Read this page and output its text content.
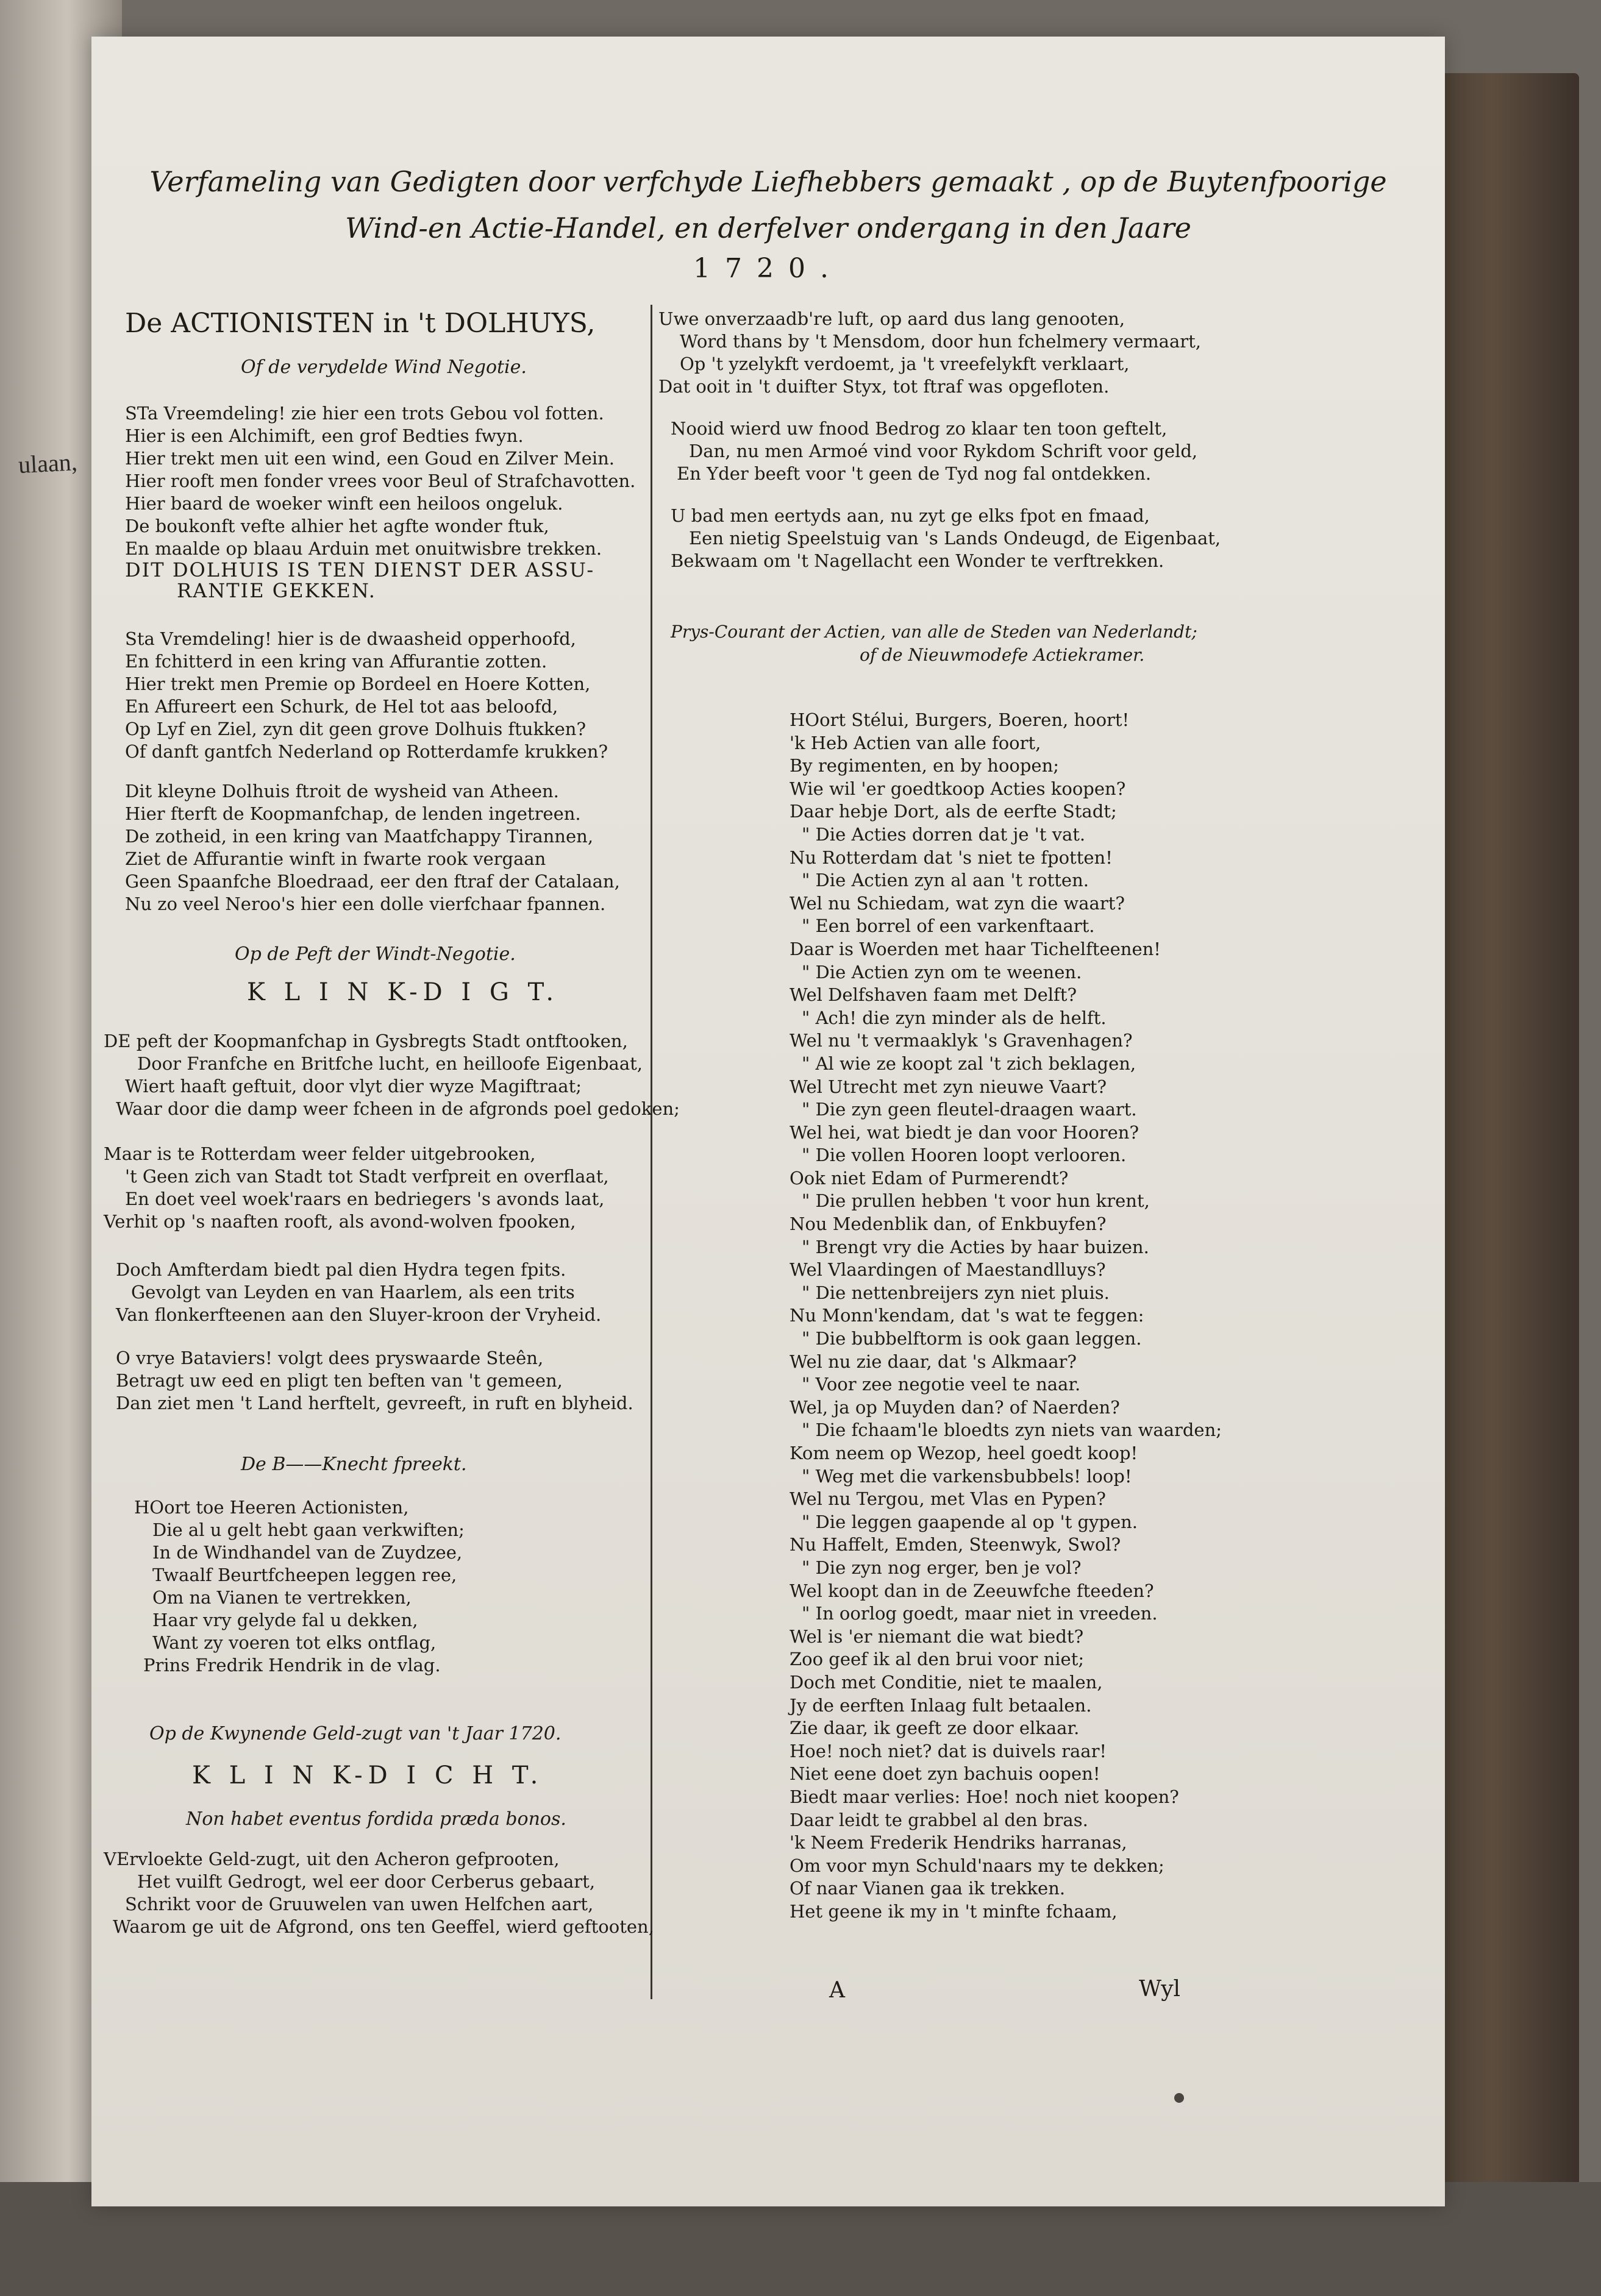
ulaan,
Verfameling van Gedigten door verfchyde Liefhebbers gemaakt , op de Buytenfpoorige Wind-en Actie-Handel, en derfelver ondergang in den Jaare
1720.
De ACTIONISTEN in 't DOLHUYS,
Of de verydelde Wind Negotie.
STa Vreemdeling! zie hier een trots Gebou vol fotten.
Hier is een Alchimift, een grof Bedties fwyn.
Hier trekt men uit een wind, een Goud en Zilver Mein.
Hier rooft men fonder vrees voor Beul of Strafchavotten.
Hier baard de woeker winft een heiloos ongeluk.
De boukonft vefte alhier het agfte wonder ftuk,
En maalde op blaau Arduin met onuitwisbre trekken.
DIT DOLHUIS IS TEN DIENST DER ASSU-
RANTIE GEKKEN.
Sta Vremdeling! hier is de dwaasheid opperhoofd,
En fchitterd in een kring van Affurantie zotten.
Hier trekt men Premie op Bordeel en Hoere Kotten,
En Affureert een Schurk, de Hel tot aas beloofd,
Op Lyf en Ziel, zyn dit geen grove Dolhuis ftukken?
Of danft gantfch Nederland op Rotterdamfe krukken?
Dit kleyne Dolhuis ftroit de wysheid van Atheen.
Hier fterft de Koopmanfchap, de lenden ingetreen.
De zotheid, in een kring van Maatfchappy Tirannen,
Ziet de Affurantie winft in fwarte rook vergaan
Geen Spaanfche Bloedraad, eer den ftraf der Catalaan,
Nu zo veel Neroo's hier een dolle vierfchaar fpannen.
Op de Peft der Windt-Negotie.
K L I N K-D I G T.
DE peft der Koopmanfchap in Gysbregts Stadt ontftooken,
Door Franfche en Britfche lucht, en heilloofe Eigenbaat,
Wiert haaft geftuit, door vlyt dier wyze Magiftraat;
Waar door die damp weer fcheen in de afgronds poel gedoken;
Maar is te Rotterdam weer felder uitgebrooken,
't Geen zich van Stadt tot Stadt verfpreit en overflaat,
En doet veel woek'raars en bedriegers 's avonds laat,
Verhit op 's naaften rooft, als avond-wolven fpooken,
Doch Amfterdam biedt pal dien Hydra tegen fpits.
Gevolgt van Leyden en van Haarlem, als een trits
Van flonkerfteenen aan den Sluyer-kroon der Vryheid.
O vrye Bataviers! volgt dees pryswaarde Steên,
Betragt uw eed en pligt ten beften van 't gemeen,
Dan ziet men 't Land herftelt, gevreeft, in ruft en blyheid.
De B——Knecht fpreekt.
HOort toe Heeren Actionisten,
Die al u gelt hebt gaan verkwiften;
In de Windhandel van de Zuydzee,
Twaalf Beurtfcheepen leggen ree,
Om na Vianen te vertrekken,
Haar vry gelyde fal u dekken,
Want zy voeren tot elks ontflag,
Prins Fredrik Hendrik in de vlag.
Op de Kwynende Geld-zugt van 't Jaar 1720.
K L I N K-D I C H T.
Non habet eventus fordida præda bonos.
VErvloekte Geld-zugt, uit den Acheron gefprooten,
Het vuilft Gedrogt, wel eer door Cerberus gebaart,
Schrikt voor de Gruuwelen van uwen Helfchen aart,
Waarom ge uit de Afgrond, ons ten Geeffel, wierd geftooten,
Uwe onverzaadb're luft, op aard dus lang genooten,
Word thans by 't Mensdom, door hun fchelmery vermaart,
Op 't yzelykft verdoemt, ja 't vreefelykft verklaart,
Dat ooit in 't duifter Styx, tot ftraf was opgefloten.
Nooid wierd uw fnood Bedrog zo klaar ten toon geftelt,
Dan, nu men Armoé vind voor Rykdom Schrift voor geld,
En Yder beeft voor 't geen de Tyd nog fal ontdekken.
U bad men eertyds aan, nu zyt ge elks fpot en fmaad,
Een nietig Speelstuig van 's Lands Ondeugd, de Eigenbaat,
Bekwaam om 't Nagellacht een Wonder te verftrekken.
Prys-Courant der Actien, van alle de Steden van Nederlandt;
of de Nieuwmodefe Actiekramer.
HOort Stélui, Burgers, Boeren, hoort!
'k Heb Actien van alle foort,
By regimenten, en by hoopen;
Wie wil 'er goedtkoop Acties koopen?
Daar hebje Dort, als de eerfte Stadt;
" Die Acties dorren dat je 't vat.
Nu Rotterdam dat 's niet te fpotten!
" Die Actien zyn al aan 't rotten.
Wel nu Schiedam, wat zyn die waart?
" Een borrel of een varkenftaart.
Daar is Woerden met haar Tichelfteenen!
" Die Actien zyn om te weenen.
Wel Delfshaven faam met Delft?
" Ach! die zyn minder als de helft.
Wel nu 't vermaaklyk 's Gravenhagen?
" Al wie ze koopt zal 't zich beklagen,
Wel Utrecht met zyn nieuwe Vaart?
" Die zyn geen fleutel-draagen waart.
Wel hei, wat biedt je dan voor Hooren?
" Die vollen Hooren loopt verlooren.
Ook niet Edam of Purmerendt?
" Die prullen hebben 't voor hun krent,
Nou Medenblik dan, of Enkbuyfen?
" Brengt vry die Acties by haar buizen.
Wel Vlaardingen of Maestandlluys?
" Die nettenbreijers zyn niet pluis.
Nu Monn'kendam, dat 's wat te feggen:
" Die bubbelftorm is ook gaan leggen.
Wel nu zie daar, dat 's Alkmaar?
" Voor zee negotie veel te naar.
Wel, ja op Muyden dan? of Naerden?
" Die fchaam'le bloedts zyn niets van waarden;
Kom neem op Wezop, heel goedt koop!
" Weg met die varkensbubbels! loop!
Wel nu Tergou, met Vlas en Pypen?
" Die leggen gaapende al op 't gypen.
Nu Haffelt, Emden, Steenwyk, Swol?
" Die zyn nog erger, ben je vol?
Wel koopt dan in de Zeeuwfche fteeden?
" In oorlog goedt, maar niet in vreeden.
Wel is 'er niemant die wat biedt?
Zoo geef ik al den brui voor niet;
Doch met Conditie, niet te maalen,
Jy de eerften Inlaag fult betaalen.
Zie daar, ik geeft ze door elkaar.
Hoe! noch niet? dat is duivels raar!
Niet eene doet zyn bachuis oopen!
Biedt maar verlies: Hoe! noch niet koopen?
Daar leidt te grabbel al den bras.
'k Neem Frederik Hendriks harranas,
Om voor myn Schuld'naars my te dekken;
Of naar Vianen gaa ik trekken.
Het geene ik my in 't minfte fchaam,
A	Wyl
